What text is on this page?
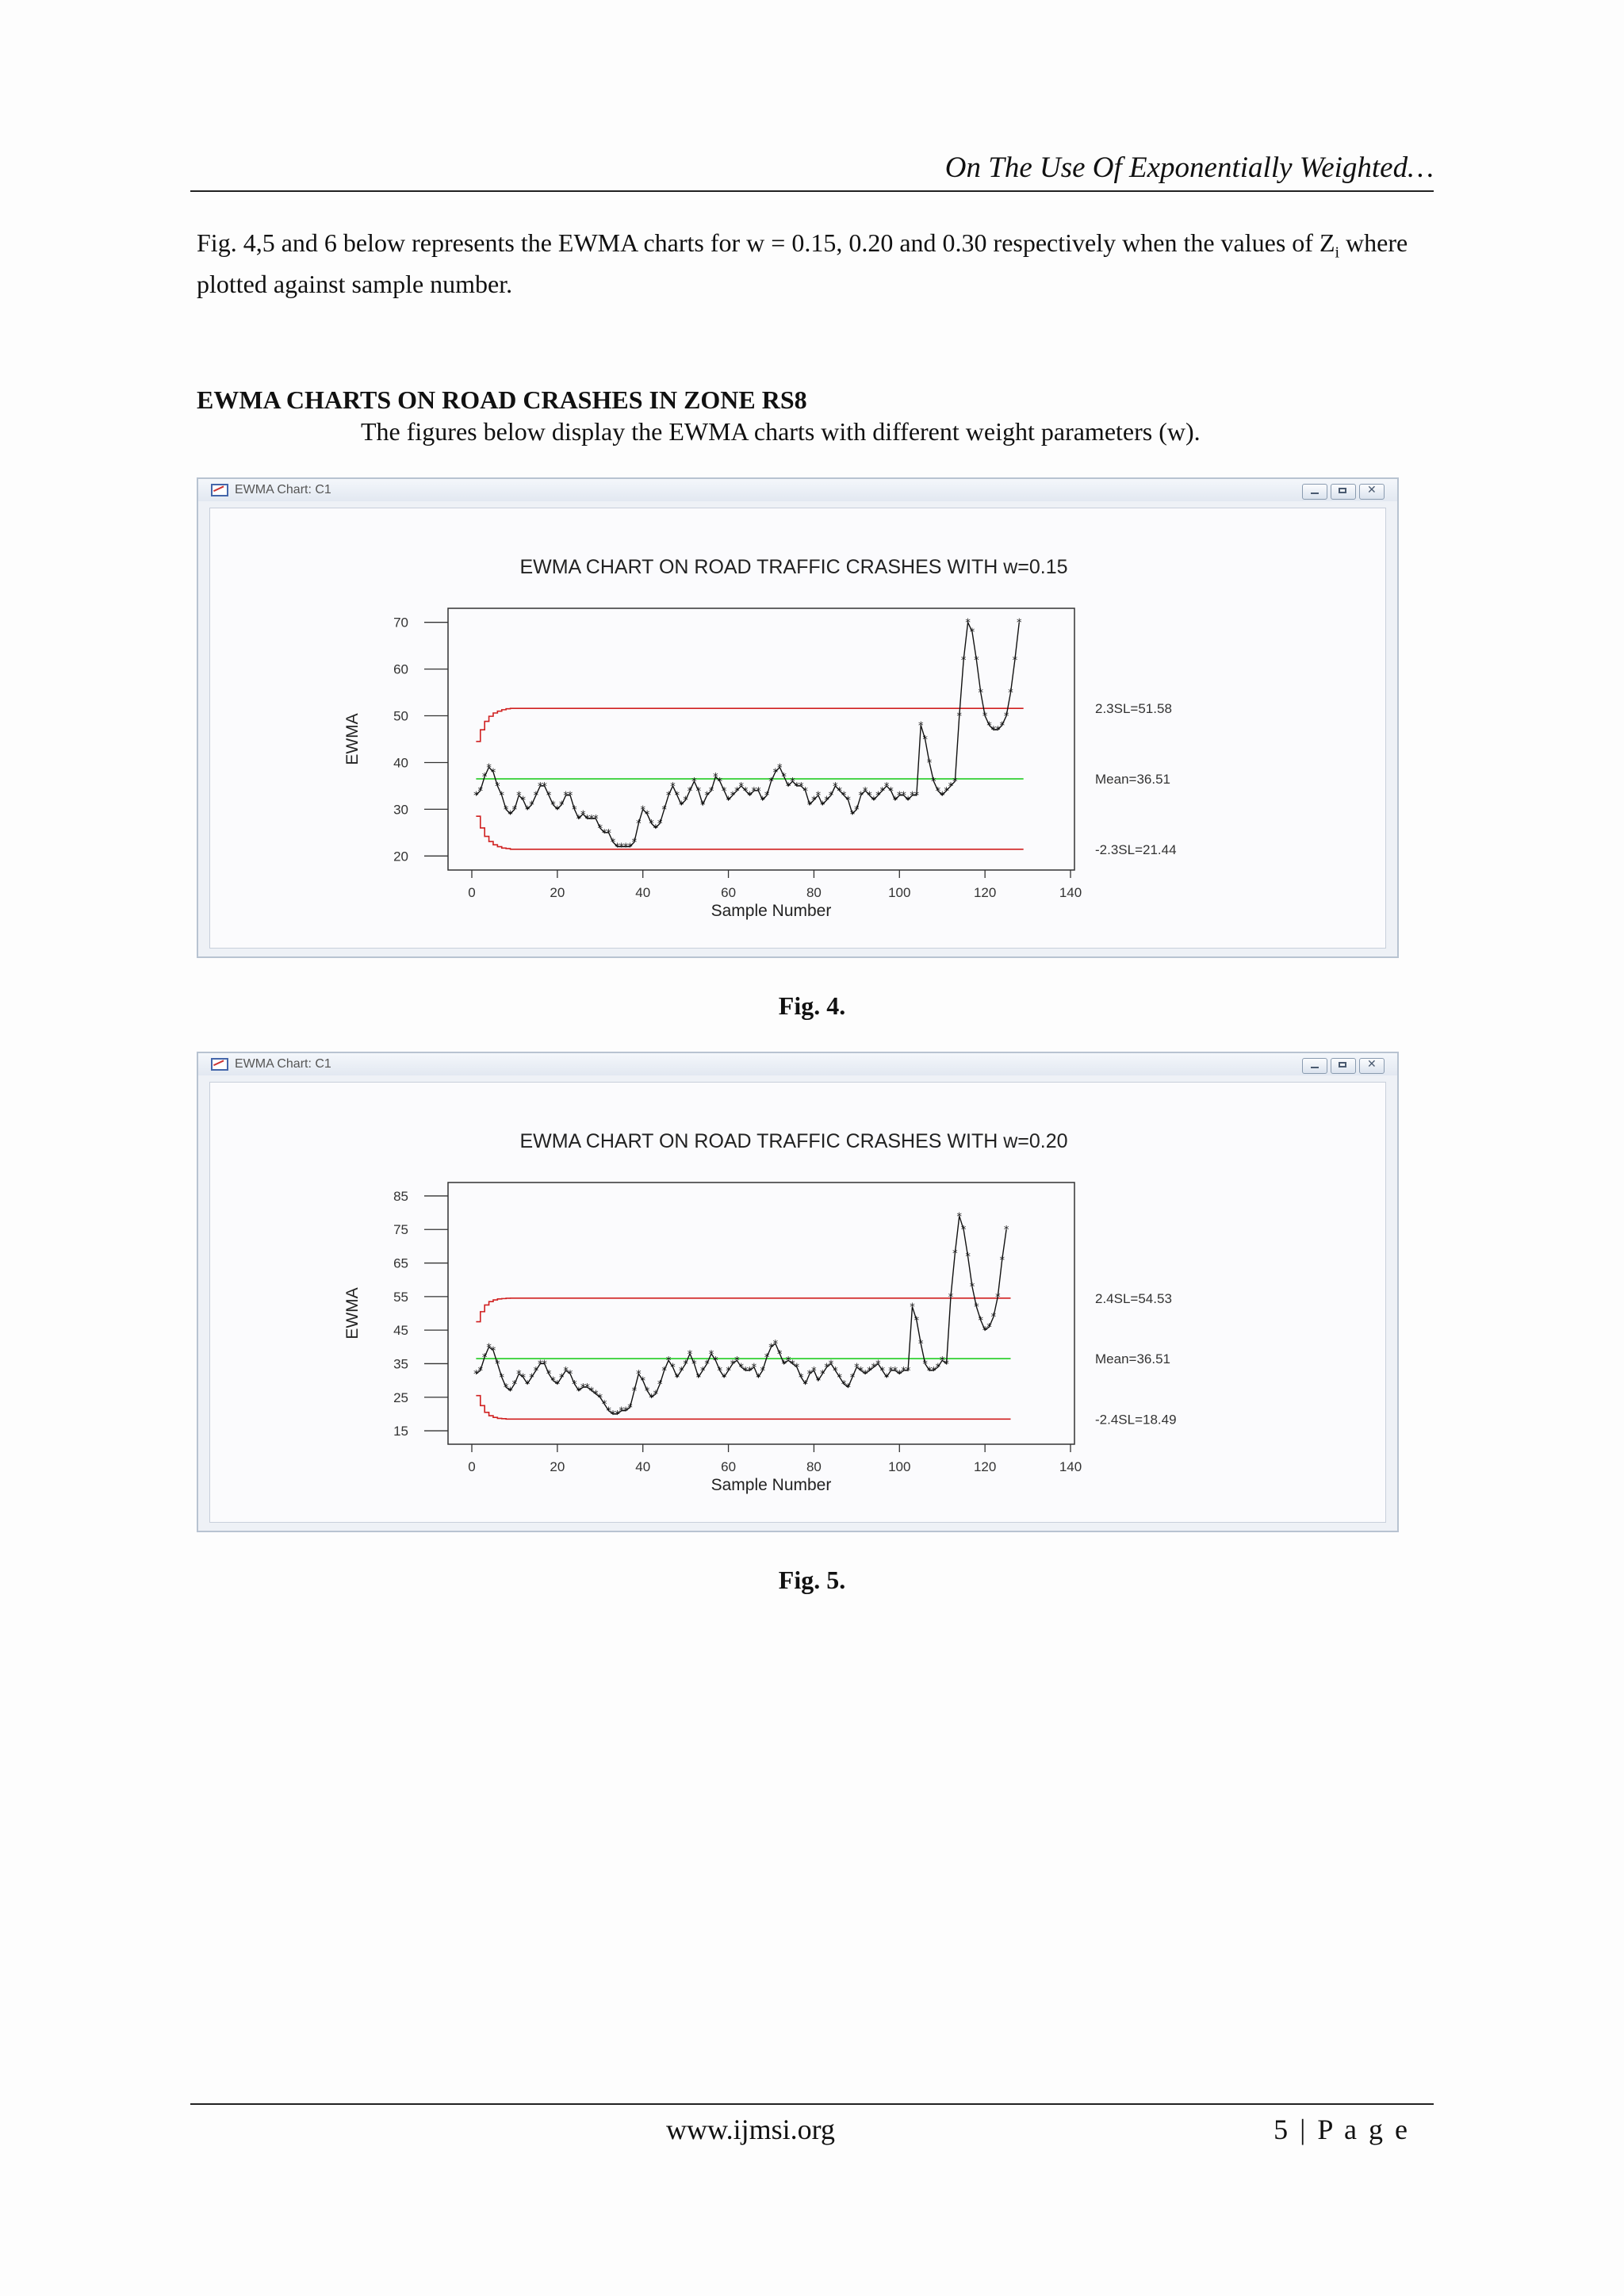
On The Use Of Exponentially Weighted…
Fig. 4,5 and 6 below represents the EWMA charts for w = 0.15, 0.20 and 0.30 respectively when the values of $Z_i$ where plotted against sample number.
EWMA CHARTS ON ROAD CRASHES IN ZONE RS8
The figures below display the EWMA charts with different weight parameters (w).
EWMA Chart: C1
✕
EWMA CHART ON ROAD TRAFFIC CRASHES WITH w=0.15
20
30
40
50
60
70
0	20	40	60	80	100	120	140
Sample Number
EWMA
2.3SL=51.58
Mean=36.51
-2.3SL=21.44
*
*
*
*
*
*
*
*
*
*
*
*
*
*
*
*
*
*
*
*
*
*
*
*
*
*
*
*
*
*
*
*
*
*
*
*
*
*
*
*
*
*
*
*
*
*
*
*
*
*
*
*
*
*
*
*
*
*
*
*
*
*
*
*
*
*
*
*
*
*
*
*
*
*
*
*
*
*
*
*
*
*
*
*
*
*
*
*
*
*
*
*
*
*
*
*
*
*
*
*
*
*
*
*
*
*
*
*
*
*
*
*
*
*
*
*
*
*
*
*
*
*
*
*
*
*
*
*
Fig. 4.
EWMA Chart: C1
✕
EWMA CHART ON ROAD TRAFFIC CRASHES WITH w=0.20
15
25
35
45
55
65
75
85
0	20	40	60	80	100	120	140
Sample Number
EWMA	2.4SL=54.53
Mean=36.51
-2.4SL=18.49
*
*
*
*
*
*
*
*
*
*
*
*
*
*
*
*
*
*
*
*
*
*
*
*
*
*
*
*
*
*
*
*
*
*
*
*
*
*
*
*
*
*
*
*
*
*
*
*
*
*
*
*
*
*
*
*
*
*
*
*
*
*
*
*
*
*
*
*
*
*
*
*
*
*
*
*
*
*
*
*
*
*
*
*
*
*
*
*
*
*
*
*
*
*
*
*
*
*
*
*
*
*
*
*
*
*
*
*
*
*
*
*
*
*
*
*
*
*
*
*
*
*
*
*
*
Fig. 5.
www.ijmsi.org	5 | P a g e
